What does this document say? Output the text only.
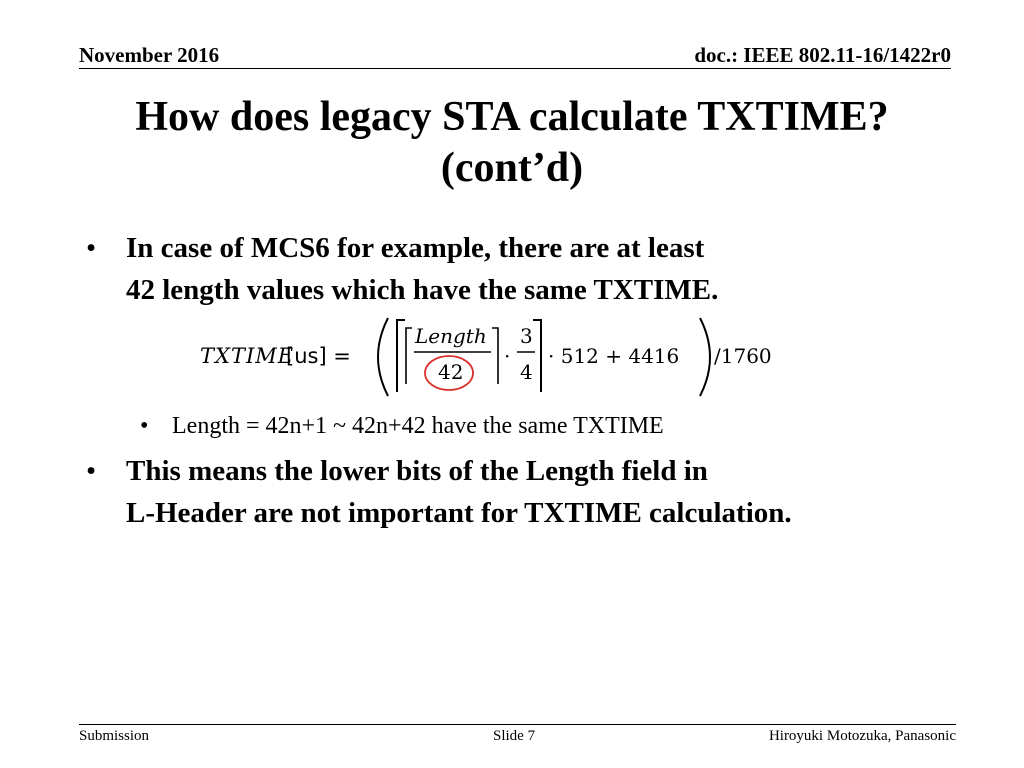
November 2016	doc.: IEEE 802.11-16/1422r0
How does legacy STA calculate TXTIME?
(cont’d)
• In case of MCS6 for example, there are at least
42 length values which have the same TXTIME.
TXTIME
[us] =
Length
42
·
3
4
· 512 + 4416 /1760
• Length = 42n+1 ~ 42n+42 have the same TXTIME
• This means the lower bits of the Length field in
L-Header are not important for TXTIME calculation.
Submission	Slide 7	Hiroyuki Motozuka, Panasonic
